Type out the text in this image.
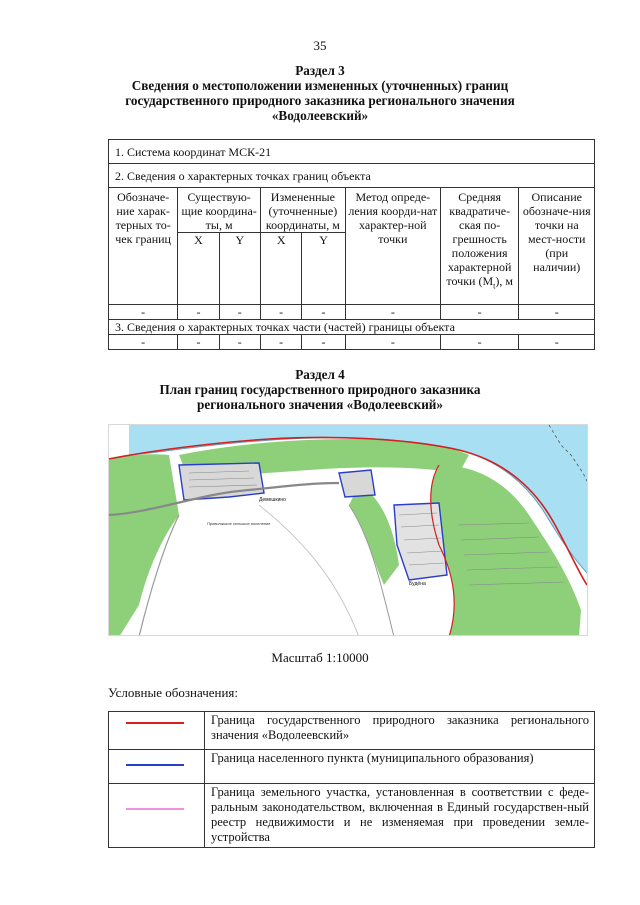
35
Раздел 3
Сведения о местоположении измененных (уточненных) границ
государственного природного заказника регионального значения
«Водолеевский»
1. Система координат МСК-21							
2. Сведения о характерных точках границ объекта							
Обозначе-ние харак-терных то-чек границ	Существую-щие координа-ты, м		Измененные (уточненные) координаты, м		Метод опреде-ления коорди-нат характер-ной точки	Средняя квадратиче-ская по-грешность положения характерной точки $(M_t)$, м	Описание обозначе-ния точки на мест-ности (при наличии)
	X	Y	X	Y			
-	-	-	-	-	-	-	-
3. Сведения о характерных точках части (частей) границы объекта							
-	-	-	-	-	-	-	-
Раздел 4
План границ государственного природного заказника
регионального значения «Водолеевский»
Демешкино
Будёна
Приволжское сельское поселение
Масштаб 1:10000
Условные обозначения:
	Граница государственного природного заказника регионального значения «Водолеевский»

	Граница населенного пункта (муниципального образования)

	Граница земельного участка, установленная в соответствии с феде-ральным законодательством, включенная в Единый государствен-ный реестр недвижимости и не изменяемая при проведении земле-устройства
